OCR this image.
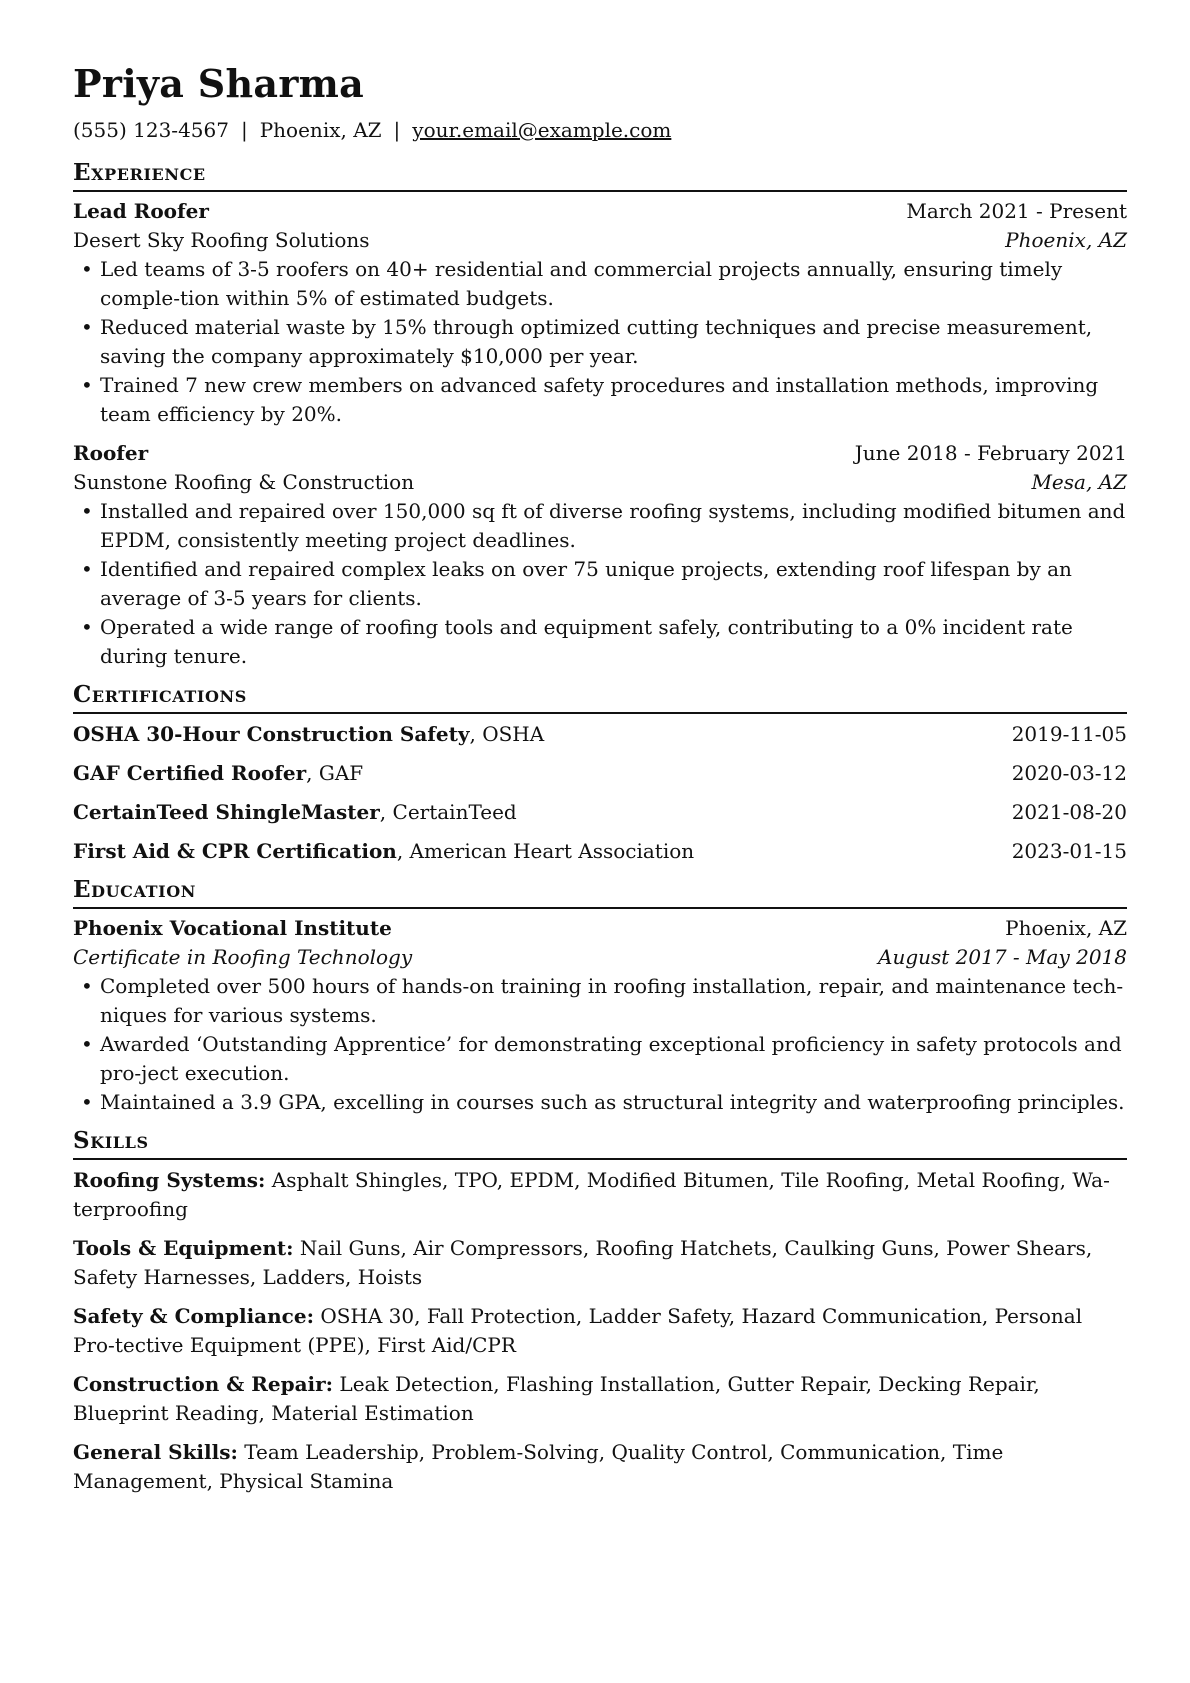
Priya Sharma
(555) 123-4567 | Phoenix, AZ | your.email@example.com
Experience
Lead Roofer	March 2021 - Present
Desert Sky Roofing Solutions	Phoenix, AZ
• Led teams of 3-5 roofers on 40+ residential and commercial projects annually, ensuring timely comple-tion within 5% of estimated budgets.
• Reduced material waste by 15% through optimized cutting techniques and precise measurement, saving the company approximately $10,000 per year.
• Trained 7 new crew members on advanced safety procedures and installation methods, improving team efficiency by 20%.
Roofer	June 2018 - February 2021
Sunstone Roofing & Construction	Mesa, AZ
• Installed and repaired over 150,000 sq ft of diverse roofing systems, including modified bitumen and EPDM, consistently meeting project deadlines.
• Identified and repaired complex leaks on over 75 unique projects, extending roof lifespan by an average of 3-5 years for clients.
• Operated a wide range of roofing tools and equipment safely, contributing to a 0% incident rate during tenure.
Certifications
OSHA 30-Hour Construction Safety, OSHA	2019-11-05
GAF Certified Roofer, GAF	2020-03-12
CertainTeed ShingleMaster, CertainTeed	2021-08-20
First Aid & CPR Certification, American Heart Association	2023-01-15
Education
Phoenix Vocational Institute	Phoenix, AZ
Certificate in Roofing Technology	August 2017 - May 2018
• Completed over 500 hours of hands-on training in roofing installation, repair, and maintenance tech-niques for various systems.
• Awarded ‘Outstanding Apprentice’ for demonstrating exceptional proficiency in safety protocols and pro-ject execution.
• Maintained a 3.9 GPA, excelling in courses such as structural integrity and waterproofing principles.
Skills
Roofing Systems: Asphalt Shingles, TPO, EPDM, Modified Bitumen, Tile Roofing, Metal Roofing, Wa-terproofing
Tools & Equipment: Nail Guns, Air Compressors, Roofing Hatchets, Caulking Guns, Power Shears, Safety Harnesses, Ladders, Hoists
Safety & Compliance: OSHA 30, Fall Protection, Ladder Safety, Hazard Communication, Personal Pro-tective Equipment (PPE), First Aid/CPR
Construction & Repair: Leak Detection, Flashing Installation, Gutter Repair, Decking Repair, Blueprint Reading, Material Estimation
General Skills: Team Leadership, Problem-Solving, Quality Control, Communication, Time Management, Physical Stamina
